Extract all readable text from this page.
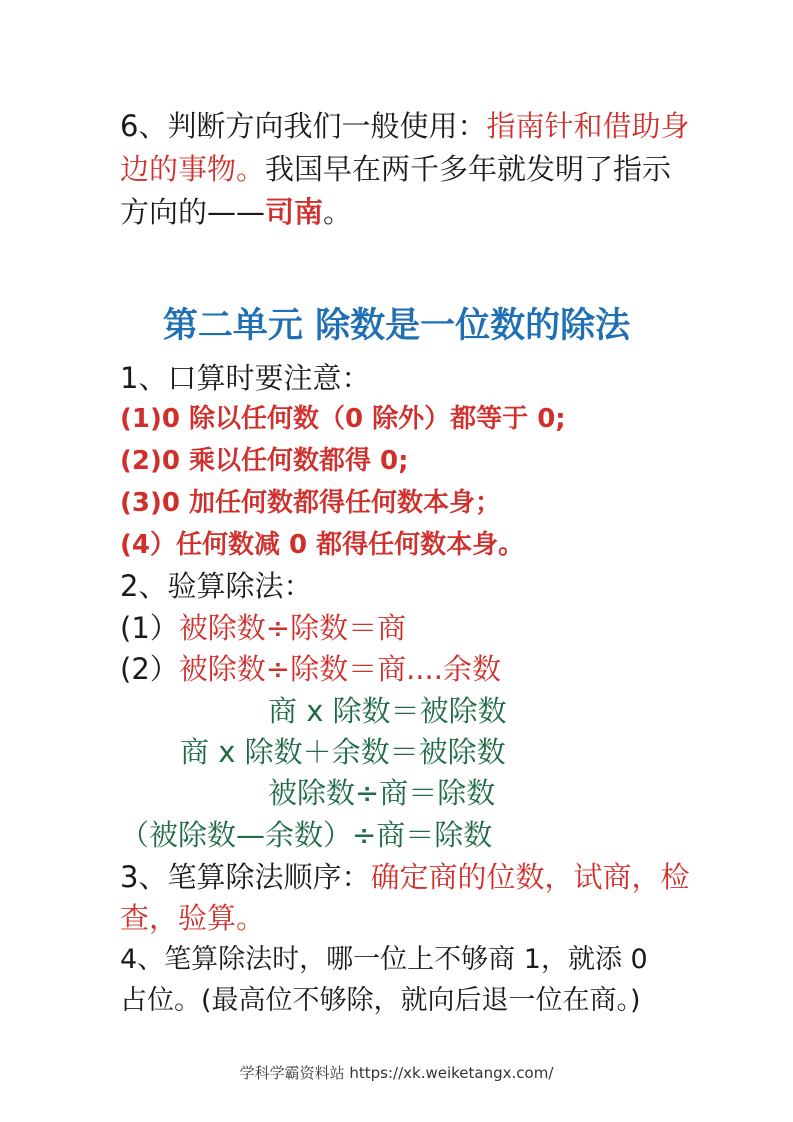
6、判断方向我们一般使用：指南针和借助身
边的事物。我国早在两千多年就发明了指示
方向的——司南。
第二单元 除数是一位数的除法
1、口算时要注意：
(1)0 除以任何数（0 除外）都等于 0;
(2)0 乘以任何数都得 0;
(3)0 加任何数都得任何数本身；
(4）任何数减 0 都得任何数本身。
2、验算除法：
(1）被除数÷除数＝商
(2）被除数÷除数＝商....余数
商 x 除数＝被除数
商 x 除数＋余数＝被除数
被除数÷商＝除数
（被除数—余数）÷商＝除数
3、笔算除法顺序：确定商的位数，试商，检
查，验算。
4、笔算除法时，哪一位上不够商 1，就添 0
占位。(最高位不够除，就向后退一位在商。)
学科学霸资料站 https://xk.weiketangx.com/
